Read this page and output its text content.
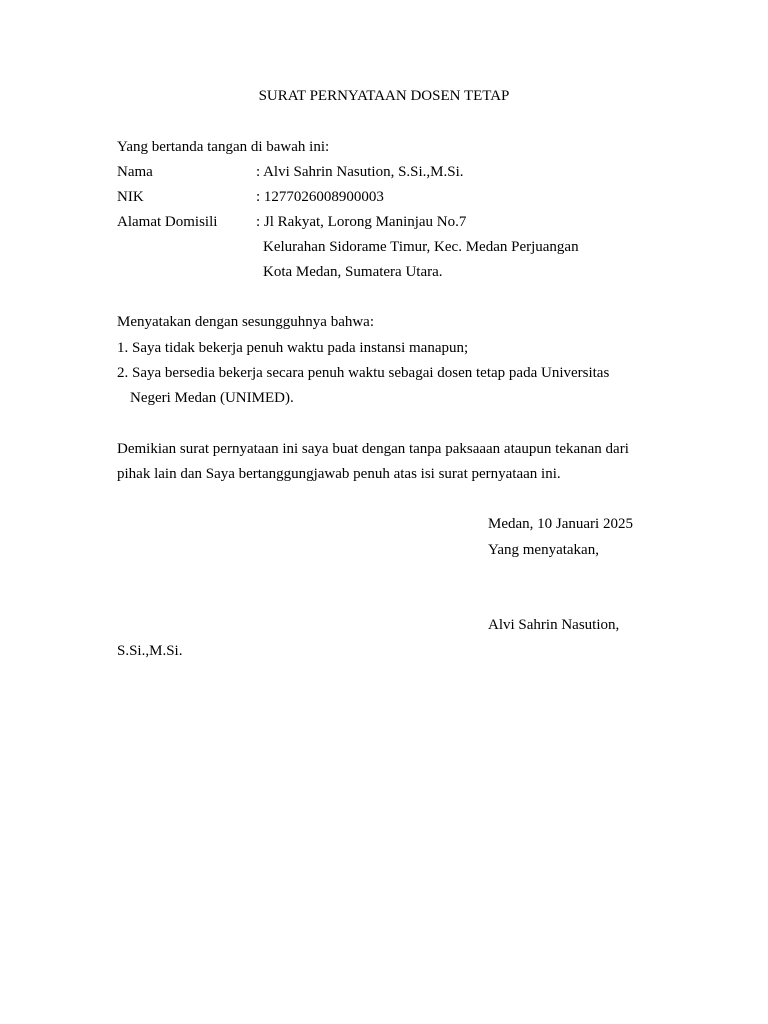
SURAT PERNYATAAN DOSEN TETAP
Yang bertanda tangan di bawah ini:
Nama	: Alvi Sahrin Nasution, S.Si.,M.Si.
NIK	: 1277026008900003
Alamat Domisili	: Jl Rakyat, Lorong Maninjau No.7
Kelurahan Sidorame Timur, Kec. Medan Perjuangan
Kota Medan, Sumatera Utara.
Menyatakan dengan sesungguhnya bahwa:
1. Saya tidak bekerja penuh waktu pada instansi manapun;
2. Saya bersedia bekerja secara penuh waktu sebagai dosen tetap pada Universitas
Negeri Medan (UNIMED).
Demikian surat pernyataan ini saya buat dengan tanpa paksaaan ataupun tekanan dari
pihak lain dan Saya bertanggungjawab penuh atas isi surat pernyataan ini.
Medan, 10 Januari 2025
Yang menyatakan,
Alvi Sahrin Nasution,
S.Si.,M.Si.
